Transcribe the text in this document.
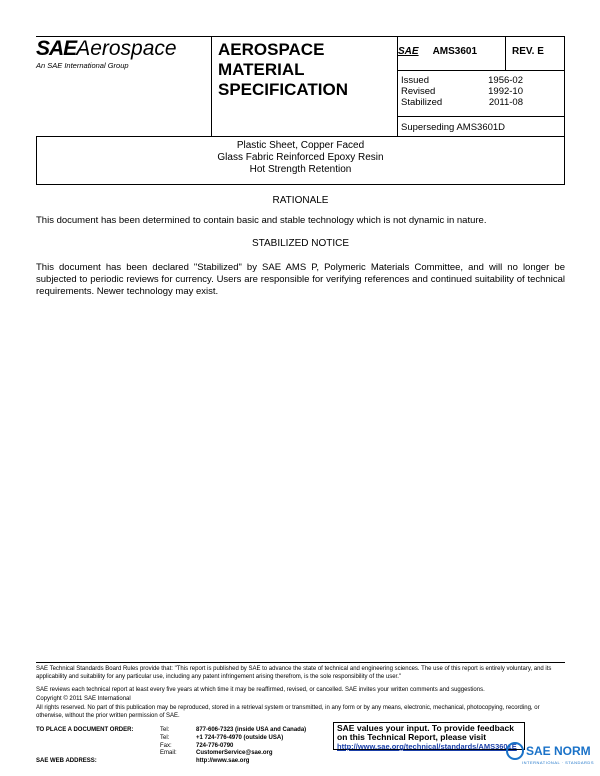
SAEAerospace
An SAE International Group
AEROSPACE
MATERIAL
SPECIFICATION
SAE AMS3601	REV. E
Issued	1956-02
Revised	1992-10
Stabilized	2011-08
Superseding AMS3601D
Plastic Sheet, Copper Faced
Glass Fabric Reinforced Epoxy Resin
Hot Strength Retention
RATIONALE
This document has been determined to contain basic and stable technology which is not dynamic in nature.
STABILIZED NOTICE
This document has been declared "Stabilized" by SAE AMS P, Polymeric Materials Committee, and will no longer be subjected to periodic reviews for currency. Users are responsible for verifying references and continued suitability of technical requirements. Newer technology may exist.
SAE Technical Standards Board Rules provide that: "This report is published by SAE to advance the state of technical and engineering sciences. The use of this report is entirely voluntary, and its applicability and suitability for any particular use, including any patent infringement arising therefrom, is the sole responsibility of the user."
SAE reviews each technical report at least every five years at which time it may be reaffirmed, revised, or cancelled. SAE invites your written comments and suggestions.
Copyright © 2011 SAE International
All rights reserved. No part of this publication may be reproduced, stored in a retrieval system or transmitted, in any form or by any means, electronic, mechanical, photocopying, recording, or otherwise, without the prior written permission of SAE.
TO PLACE A DOCUMENT ORDER:	Tel:	877-606-7323 (inside USA and Canada)
Tel:	+1 724-776-4970 (outside USA)
Fax:	724-776-0790
Email:	CustomerService@sae.org
SAE WEB ADDRESS:	http://www.sae.org
SAE values your input. To provide feedback
on this Technical Report, please visit
http://www.sae.org/technical/standards/AMS3601E SAE NORM
INTERNATIONAL · STANDARDS
